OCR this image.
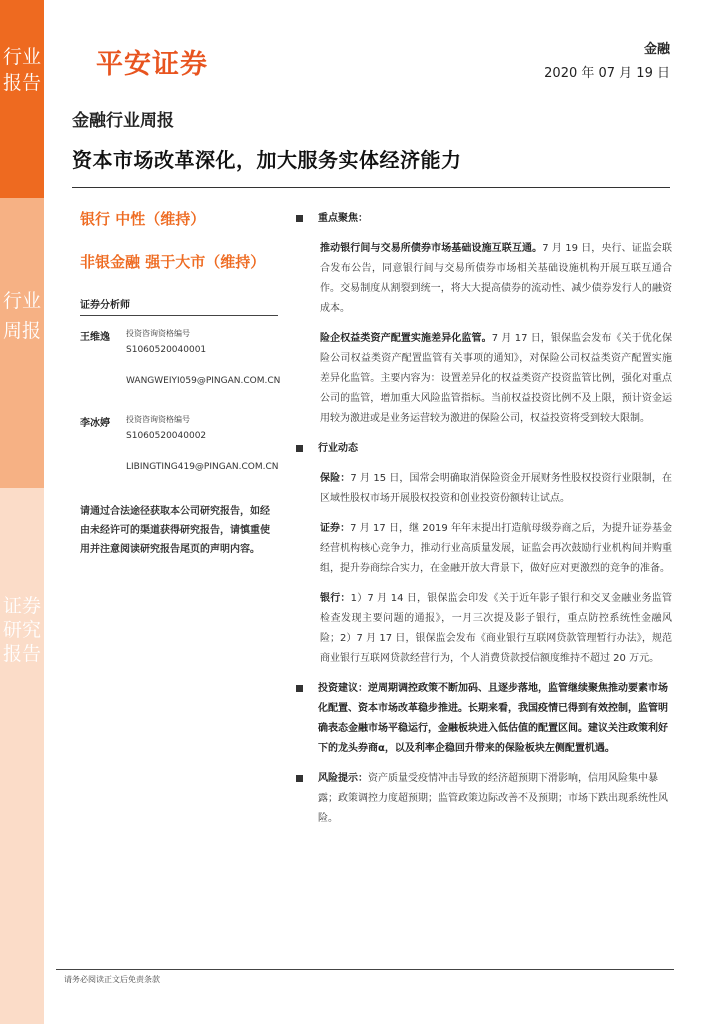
行业报告
行业周报
证券研究报告
平安证券	金融
2020 年 07 月 19 日
金融行业周报
资本市场改革深化，加大服务实体经济能力
银行 中性（维持）
非银金融 强于大市（维持）
证券分析师
王维逸 投资咨询资格编号
S1060520040001
WANGWEIYI059@PINGAN.COM.CN
李冰婷 投资咨询资格编号
S1060520040002
LIBINGTING419@PINGAN.COM.CN
请通过合法途径获取本公司研究报告，如经由未经许可的渠道获得研究报告，请慎重使用并注意阅读研究报告尾页的声明内容。
重点聚焦：
推动银行间与交易所债券市场基础设施互联互通。7 月 19 日，央行、证监会联合发布公告，同意银行间与交易所债券市场相关基础设施机构开展互联互通合作。交易制度从割裂到统一，将大大提高债券的流动性、减少债券发行人的融资成本。
险企权益类资产配置实施差异化监管。7 月 17 日，银保监会发布《关于优化保险公司权益类资产配置监管有关事项的通知》，对保险公司权益类资产配置实施差异化监管。主要内容为：设置差异化的权益类资产投资监管比例，强化对重点公司的监管，增加重大风险监管指标。当前权益投资比例不及上限，预计资金运用较为激进或是业务运营较为激进的保险公司，权益投资将受到较大限制。
行业动态
保险：7 月 15 日，国常会明确取消保险资金开展财务性股权投资行业限制，在区域性股权市场开展股权投资和创业投资份额转让试点。
证券：7 月 17 日，继 2019 年年末提出打造航母级券商之后，为提升证券基金经营机构核心竞争力，推动行业高质量发展，证监会再次鼓励行业机构间并购重组，提升券商综合实力，在金融开放大背景下，做好应对更激烈的竞争的准备。
银行：1）7 月 14 日，银保监会印发《关于近年影子银行和交叉金融业务监管检查发现主要问题的通报》，一月三次提及影子银行，重点防控系统性金融风险；2）7 月 17 日，银保监会发布《商业银行互联网贷款管理暂行办法》，规范商业银行互联网贷款经营行为，个人消费贷款授信额度维持不超过 20 万元。
投资建议：逆周期调控政策不断加码、且逐步落地，监管继续聚焦推动要素市场化配置、资本市场改革稳步推进。长期来看，我国疫情已得到有效控制，监管明确表态金融市场平稳运行，金融板块进入低估值的配置区间。建议关注政策利好下的龙头券商α，以及利率企稳回升带来的保险板块左侧配置机遇。
风险提示：资产质量受疫情冲击导致的经济超预期下滑影响，信用风险集中暴露；政策调控力度超预期；监管政策边际改善不及预期；市场下跌出现系统性风险。
请务必阅读正文后免责条款
